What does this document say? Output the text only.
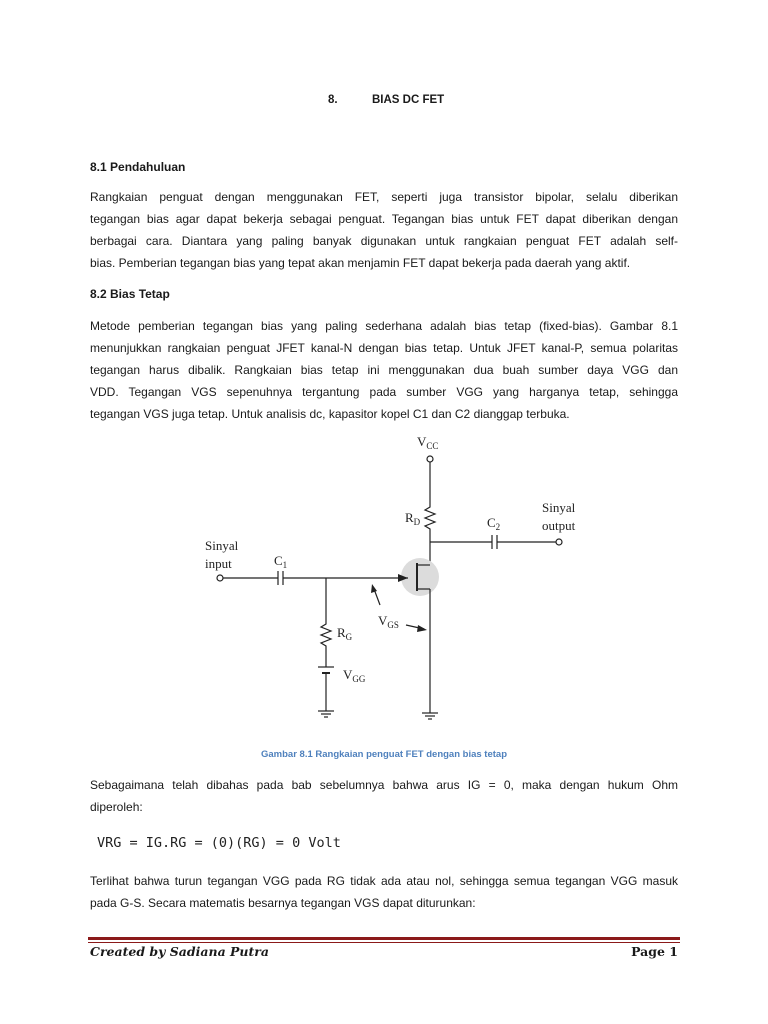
8.	BIAS DC FET
8.1 Pendahuluan
Rangkaian penguat dengan menggunakan FET, seperti juga transistor bipolar, selalu diberikan
tegangan bias agar dapat bekerja sebagai penguat. Tegangan bias untuk FET dapat diberikan dengan
berbagai cara. Diantara yang paling banyak digunakan untuk rangkaian penguat FET adalah self-
bias. Pemberian tegangan bias yang tepat akan menjamin FET dapat bekerja pada daerah yang aktif.
8.2 Bias Tetap
Metode pemberian tegangan bias yang paling sederhana adalah bias tetap (fixed-bias). Gambar 8.1
menunjukkan rangkaian penguat JFET kanal-N dengan bias tetap. Untuk JFET kanal-P, semua polaritas
tegangan harus dibalik. Rangkaian bias tetap ini menggunakan dua buah sumber daya VGG dan
VDD. Tegangan VGS sepenuhnya tergantung pada sumber VGG yang harganya tetap, sehingga
tegangan VGS juga tetap. Untuk analisis dc, kapasitor kopel C1 dan C2 dianggap terbuka.
$V_{CC}$
$R_D$	$C_2$
Sinyal
output
Sinyal
input	$C_1$
$V_{GS}$
$R_G$
$V_{GG}$
Gambar 8.1 Rangkaian penguat FET dengan bias tetap
Sebagaimana telah dibahas pada bab sebelumnya bahwa arus IG = 0, maka dengan hukum Ohm
diperoleh:
VRG = IG.RG = (0)(RG) = 0 Volt
Terlihat bahwa turun tegangan VGG pada RG tidak ada atau nol, sehingga semua tegangan VGG masuk
pada G-S. Secara matematis besarnya tegangan VGS dapat diturunkan:
Created by Sadiana Putra	Page 1
